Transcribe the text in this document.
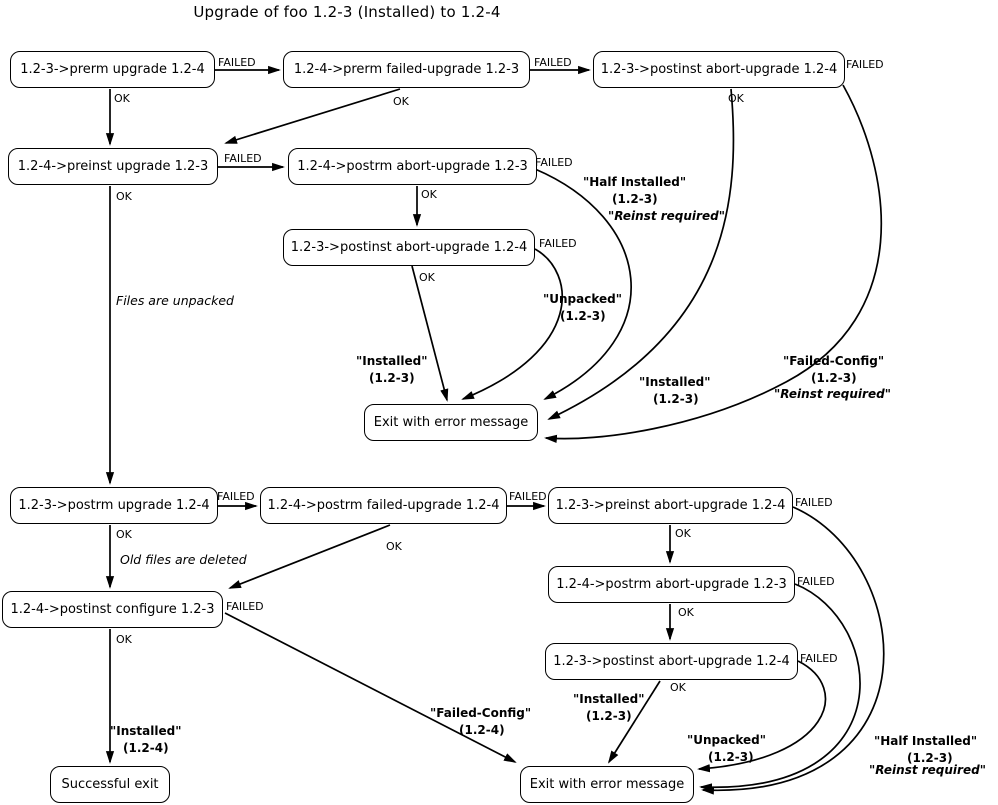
Upgrade of foo 1.2-3 (Installed) to 1.2-4
1.2-3->prerm upgrade 1.2-4	1.2-4->prerm failed-upgrade 1.2-3	1.2-3->postinst abort-upgrade 1.2-4
1.2-4->preinst upgrade 1.2-3	1.2-4->postrm abort-upgrade 1.2-3
1.2-3->postinst abort-upgrade 1.2-4
Exit with error message
1.2-3->postrm upgrade 1.2-4	1.2-4->postrm failed-upgrade 1.2-4	1.2-3->preinst abort-upgrade 1.2-4
1.2-4->postrm abort-upgrade 1.2-3
1.2-4->postinst configure 1.2-3
1.2-3->postinst abort-upgrade 1.2-4
Successful exit	Exit with error message
FAILED	FAILED	FAILED
FAILED	FAILED
FAILED
FAILED	FAILED	FAILED
FAILED
FAILED
FAILED
OK	OK	OK
OK	OK
OK
OK
OK
OK
OK
OK
OK
Files are unpacked
Old files are deleted
"Installed"
(1.2-3)
"Unpacked"
(1.2-3)
"Half Installed"
(1.2-3)
"Reinst required"
"Installed"
(1.2-3)
"Failed-Config"
(1.2-3)
"Reinst required"
"Installed"
(1.2-4)
"Failed-Config"
(1.2-4)
"Installed"
(1.2-3)
"Unpacked"
(1.2-3)
"Half Installed"
(1.2-3)
"Reinst required"
